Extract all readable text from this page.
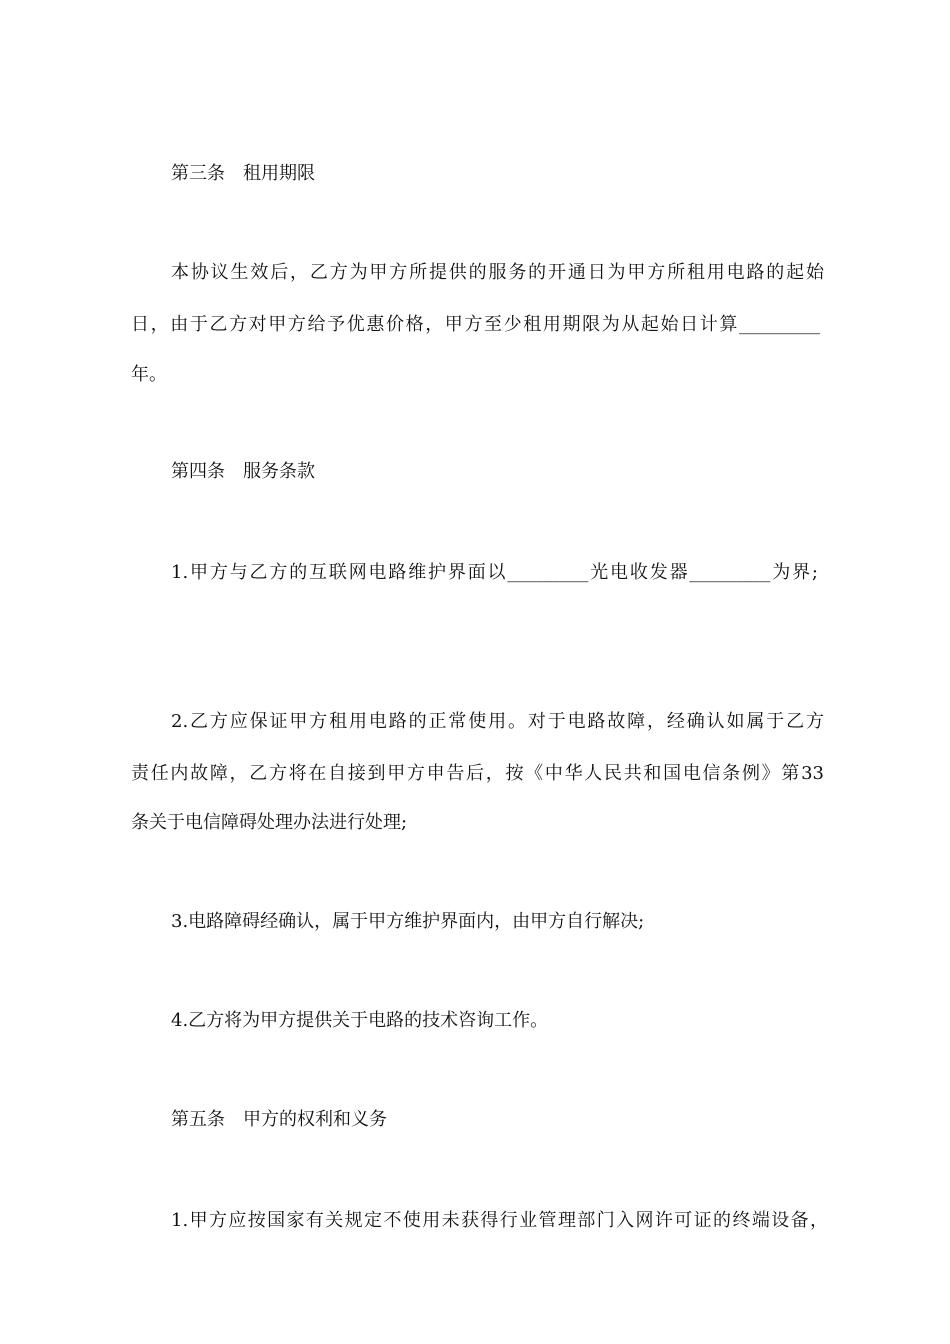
第三条　租用期限
本协议生效后，乙方为甲方所提供的服务的开通日为甲方所租用电路的起始
日，由于乙方对甲方给予优惠价格，甲方至少租用期限为从起始日计算_________
年。
第四条　服务条款
1.甲方与乙方的互联网电路维护界面以_________光电收发器_________为界;
2.乙方应保证甲方租用电路的正常使用。对于电路故障，经确认如属于乙方
责任内故障，乙方将在自接到甲方申告后，按《中华人民共和国电信条例》第33
条关于电信障碍处理办法进行处理;
3.电路障碍经确认，属于甲方维护界面内，由甲方自行解决;
4.乙方将为甲方提供关于电路的技术咨询工作。
第五条　甲方的权利和义务
1.甲方应按国家有关规定不使用未获得行业管理部门入网许可证的终端设备，
